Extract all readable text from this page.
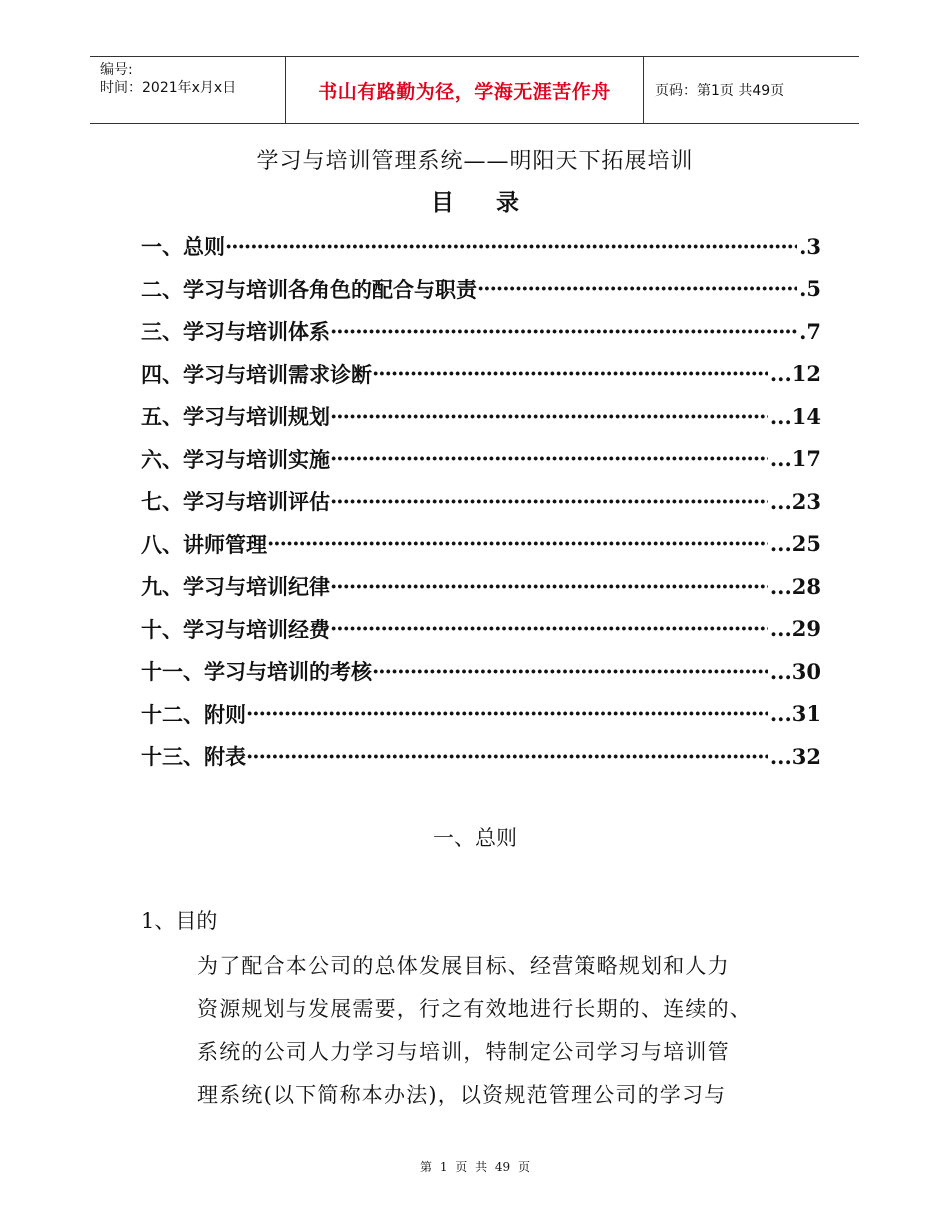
编号:
时间：2021年x月x日	书山有路勤为径，学海无涯苦作舟	页码：第1页 共49页
学习与培训管理系统——明阳天下拓展培训
目 录
一、总则 ·····	.3
二、学习与培训各角色的配合与职责 ·····	.5
三、学习与培训体系 ·····	.7
四、学习与培训需求诊断 ·····	...12
五、学习与培训规划 ·····	...14
六、学习与培训实施 ·····	...17
七、学习与培训评估 ·····	...23
八、讲师管理 ·····	...25
九、学习与培训纪律 ·····	...28
十、学习与培训经费 ·····	...29
十一、学习与培训的考核 ·····	...30
十二、附则 ·····	...31
十三、附表 ·····	...32
一、总则
1、目的
为了配合本公司的总体发展目标、经营策略规划和人力
资源规划与发展需要，行之有效地进行长期的、连续的、
系统的公司人力学习与培训，特制定公司学习与培训管
理系统(以下简称本办法)，以资规范管理公司的学习与
第 1 页 共 49 页
